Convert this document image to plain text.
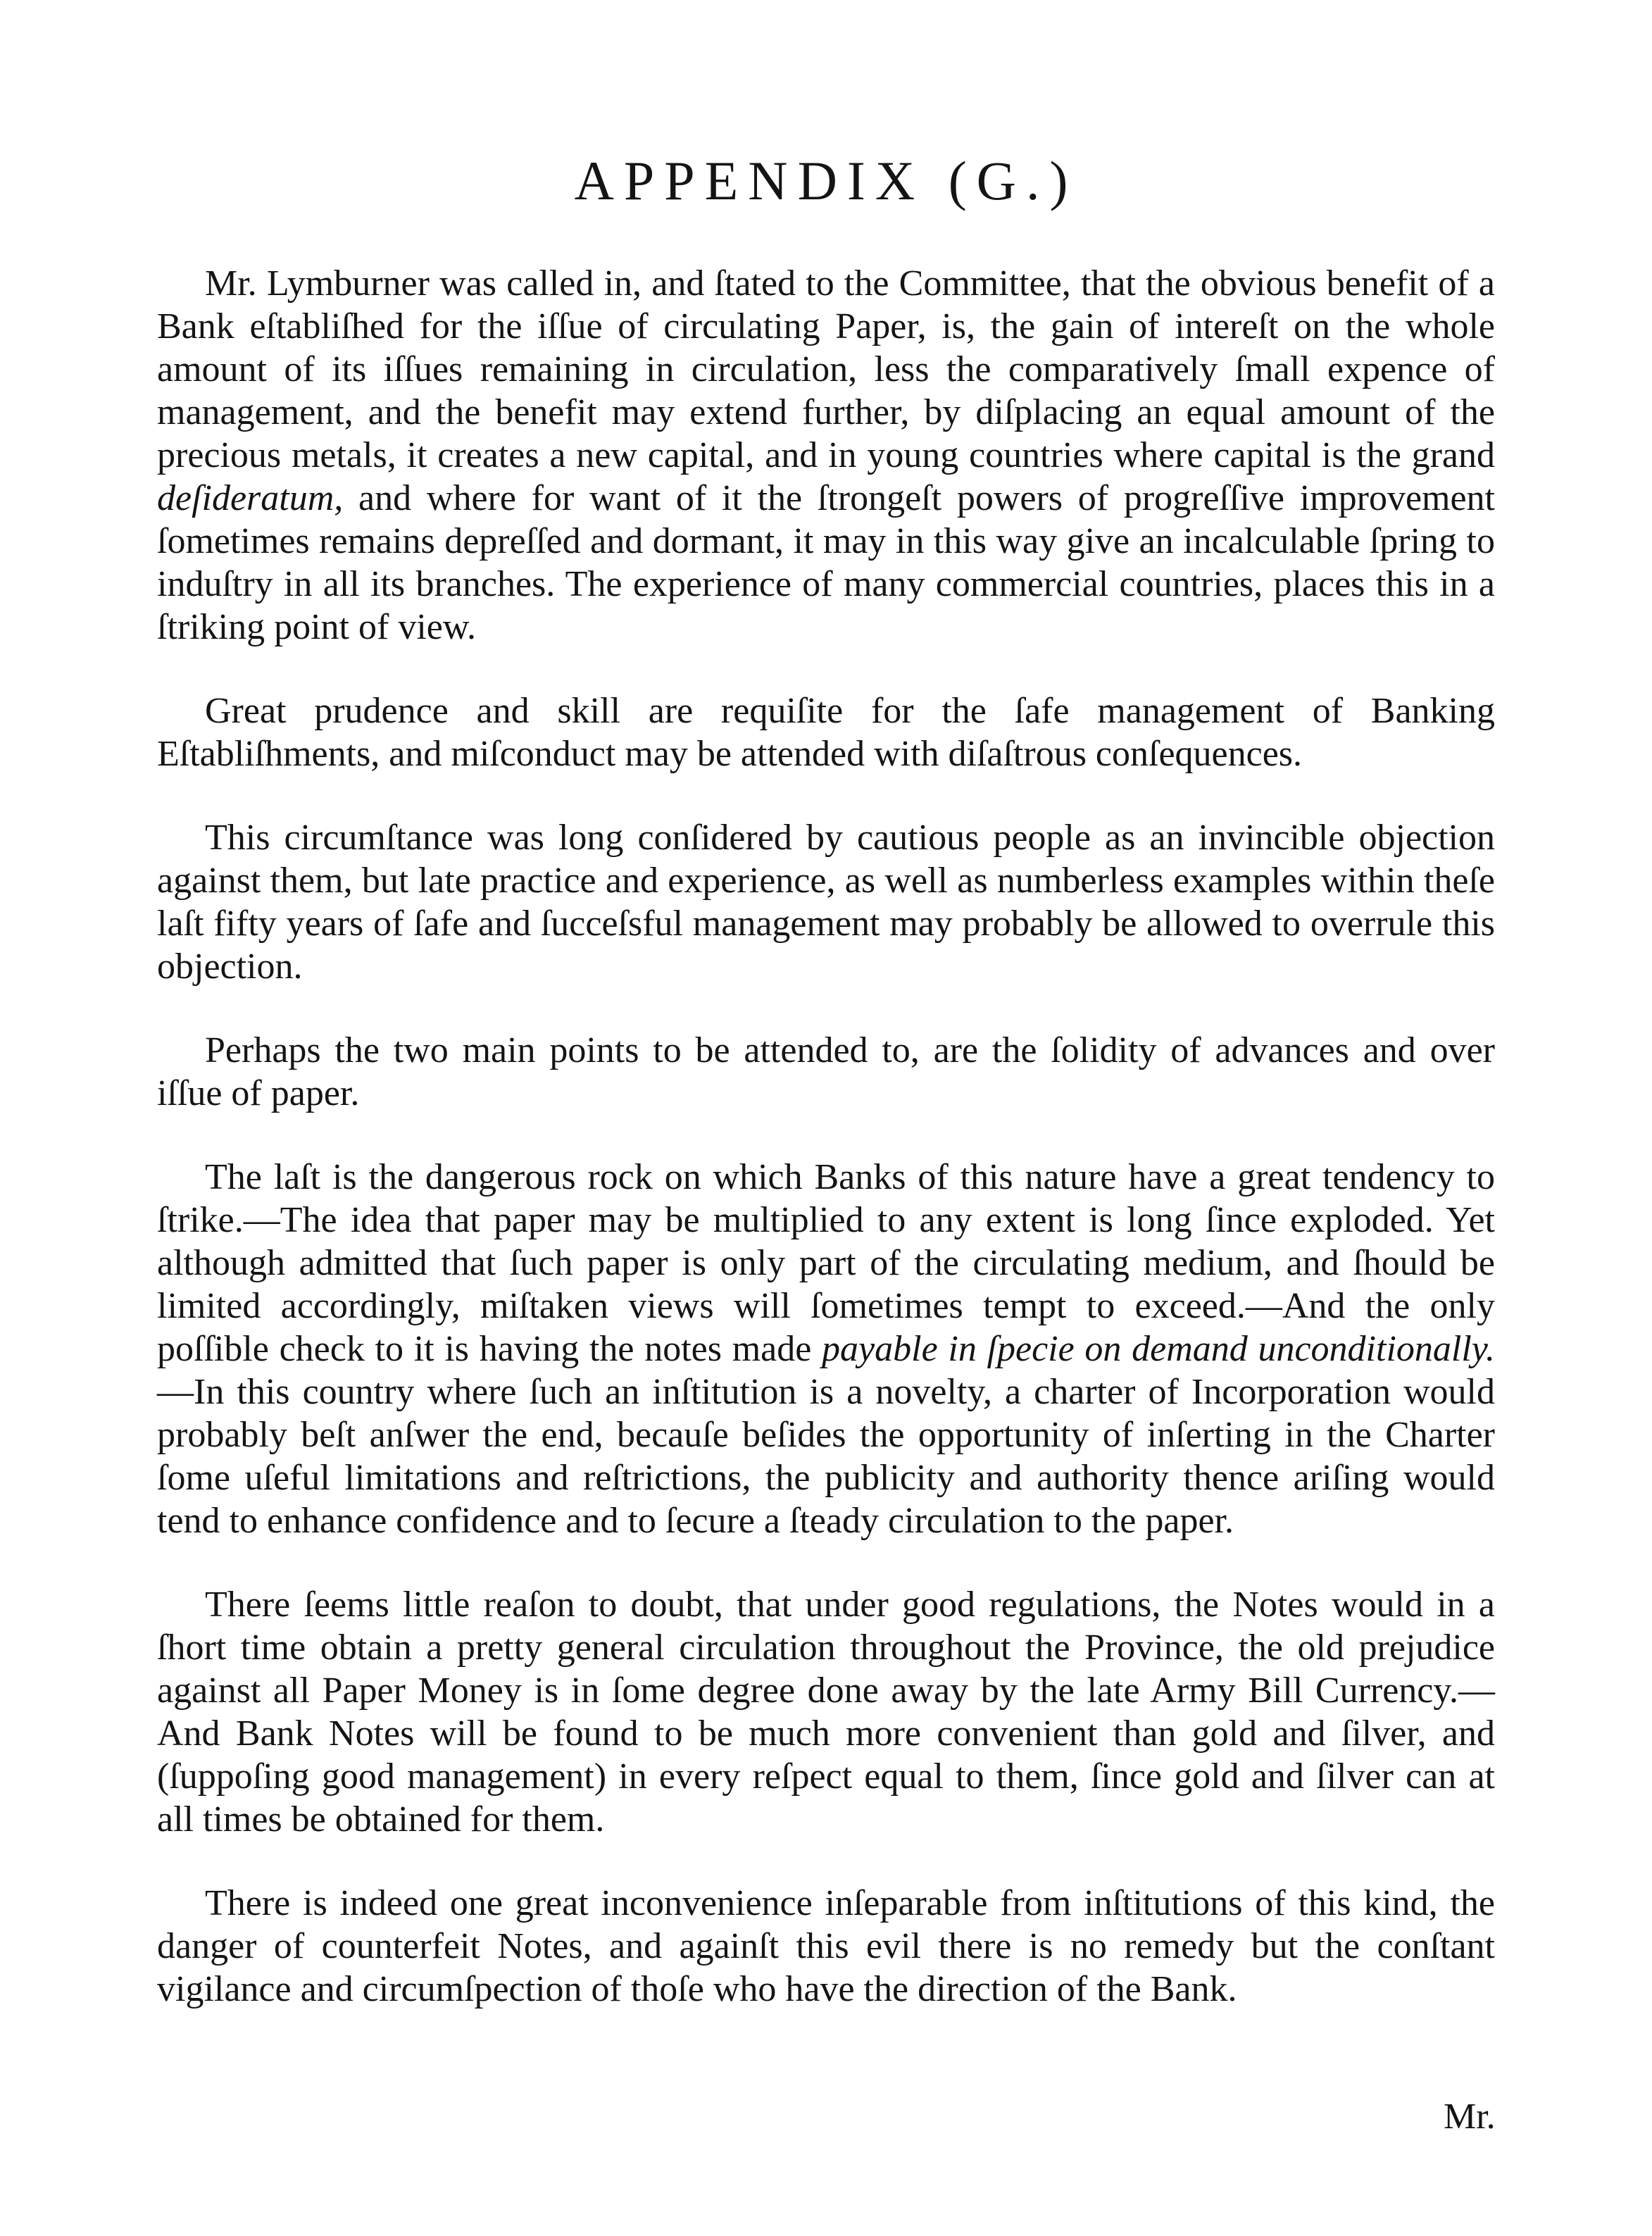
APPENDIX (G.)

Mr. Lymburner was called in, and ſtated to the Committee, that the obvious benefit of a Bank eſtabliſhed for the iſſue of circulating Paper, is, the gain of intereſt on the whole amount of its iſſues remaining in circulation, less the comparatively ſmall expence of management, and the benefit may extend further, by diſplacing an equal amount of the precious metals, it creates a new capital, and in young countries where capital is the grand deſideratum, and where for want of it the ſtrongeſt powers of progreſſive improvement ſometimes remains depreſſed and dormant, it may in this way give an incalculable ſpring to induſtry in all its branches. The experience of many commercial countries, places this in a ſtriking point of view.

Great prudence and skill are requiſite for the ſafe management of Banking Eſtabliſhments, and miſconduct may be attended with diſaſtrous conſequences.

This circumſtance was long conſidered by cautious people as an invincible objection against them, but late practice and experience, as well as numberless examples within theſe laſt fifty years of ſafe and ſucceſsful management may probably be allowed to overrule this objection.

Perhaps the two main points to be attended to, are the ſolidity of advances and over iſſue of paper.

The laſt is the dangerous rock on which Banks of this nature have a great tendency to ſtrike.—The idea that paper may be multiplied to any extent is long ſince exploded. Yet although admitted that ſuch paper is only part of the circulating medium, and ſhould be limited accordingly, miſtaken views will ſometimes tempt to exceed.—And the only poſſible check to it is having the notes made payable in ſpecie on demand unconditionally.—In this country where ſuch an inſtitution is a novelty, a charter of Incorporation would probably beſt anſwer the end, becauſe beſides the opportunity of inſerting in the Charter ſome uſeful limitations and reſtrictions, the publicity and authority thence ariſing would tend to enhance confidence and to ſecure a ſteady circulation to the paper.

There ſeems little reaſon to doubt, that under good regulations, the Notes would in a ſhort time obtain a pretty general circulation throughout the Province, the old prejudice against all Paper Money is in ſome degree done away by the late Army Bill Currency.—And Bank Notes will be found to be much more convenient than gold and ſilver, and (ſuppoſing good management) in every reſpect equal to them, ſince gold and ſilver can at all times be obtained for them.

There is indeed one great inconvenience inſeparable from inſtitutions of this kind, the danger of counterfeit Notes, and againſt this evil there is no remedy but the conſtant vigilance and circumſpection of thoſe who have the direction of the Bank.

Mr.
